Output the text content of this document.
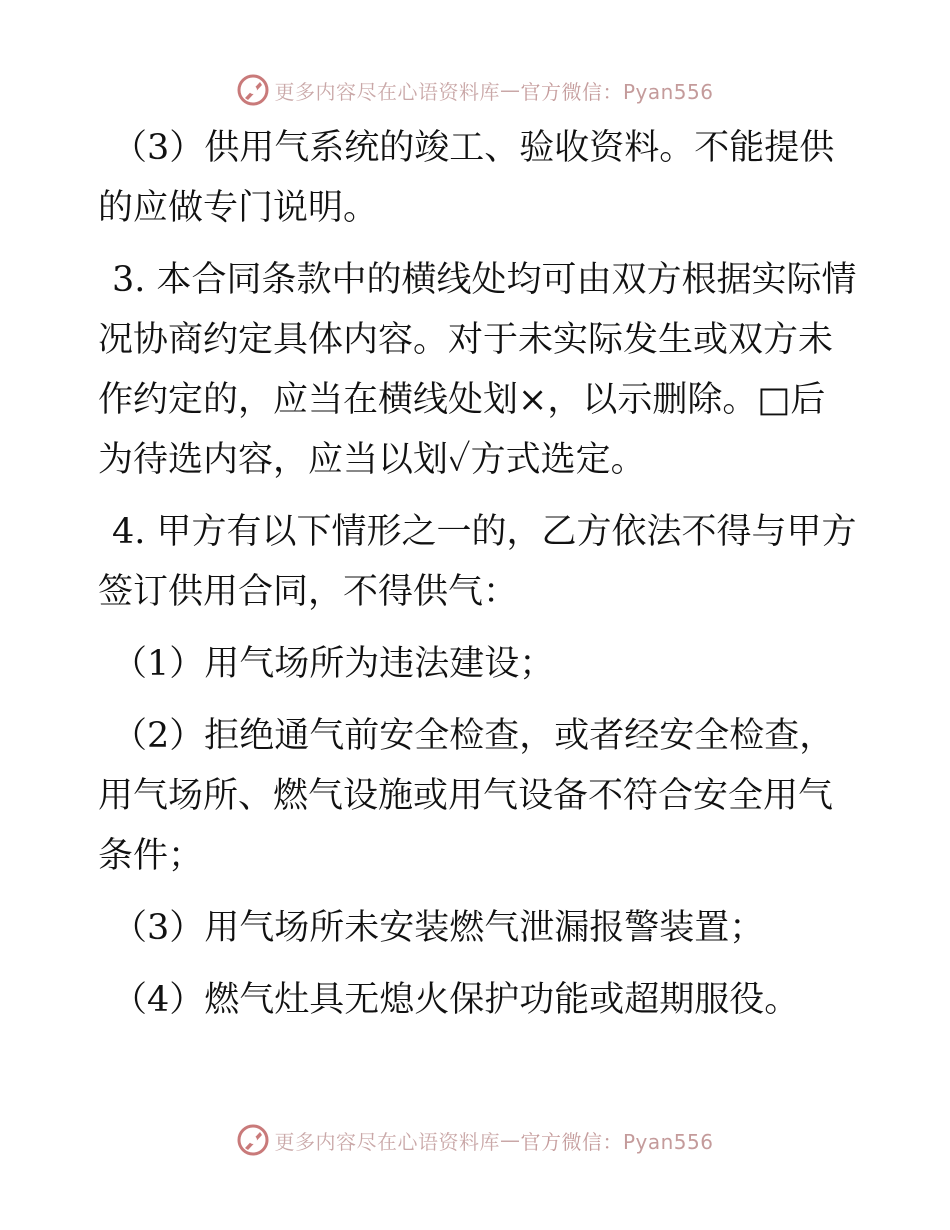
更多内容尽在心语资料库 — 官方微信：Pyan556

（3）供用气系统的竣工、验收资料。不能提供的应做专门说明。

3. 本合同条款中的横线处均可由双方根据实际情况协商约定具体内容。对于未实际发生或双方未作约定的，应当在横线处划×，以示删除。□后为待选内容，应当以划✓方式选定。

4. 甲方有以下情形之一的，乙方依法不得与甲方签订供用合同，不得供气：

（1）用气场所为违法建设；

（2）拒绝通气前安全检查，或者经安全检查，用气场所、燃气设施或用气设备不符合安全用气条件；

（3）用气场所未安装燃气泄漏报警装置；

（4）燃气灶具无熄火保护功能或超期服役。

更多内容尽在心语资料库 — 官方微信：Pyan556
